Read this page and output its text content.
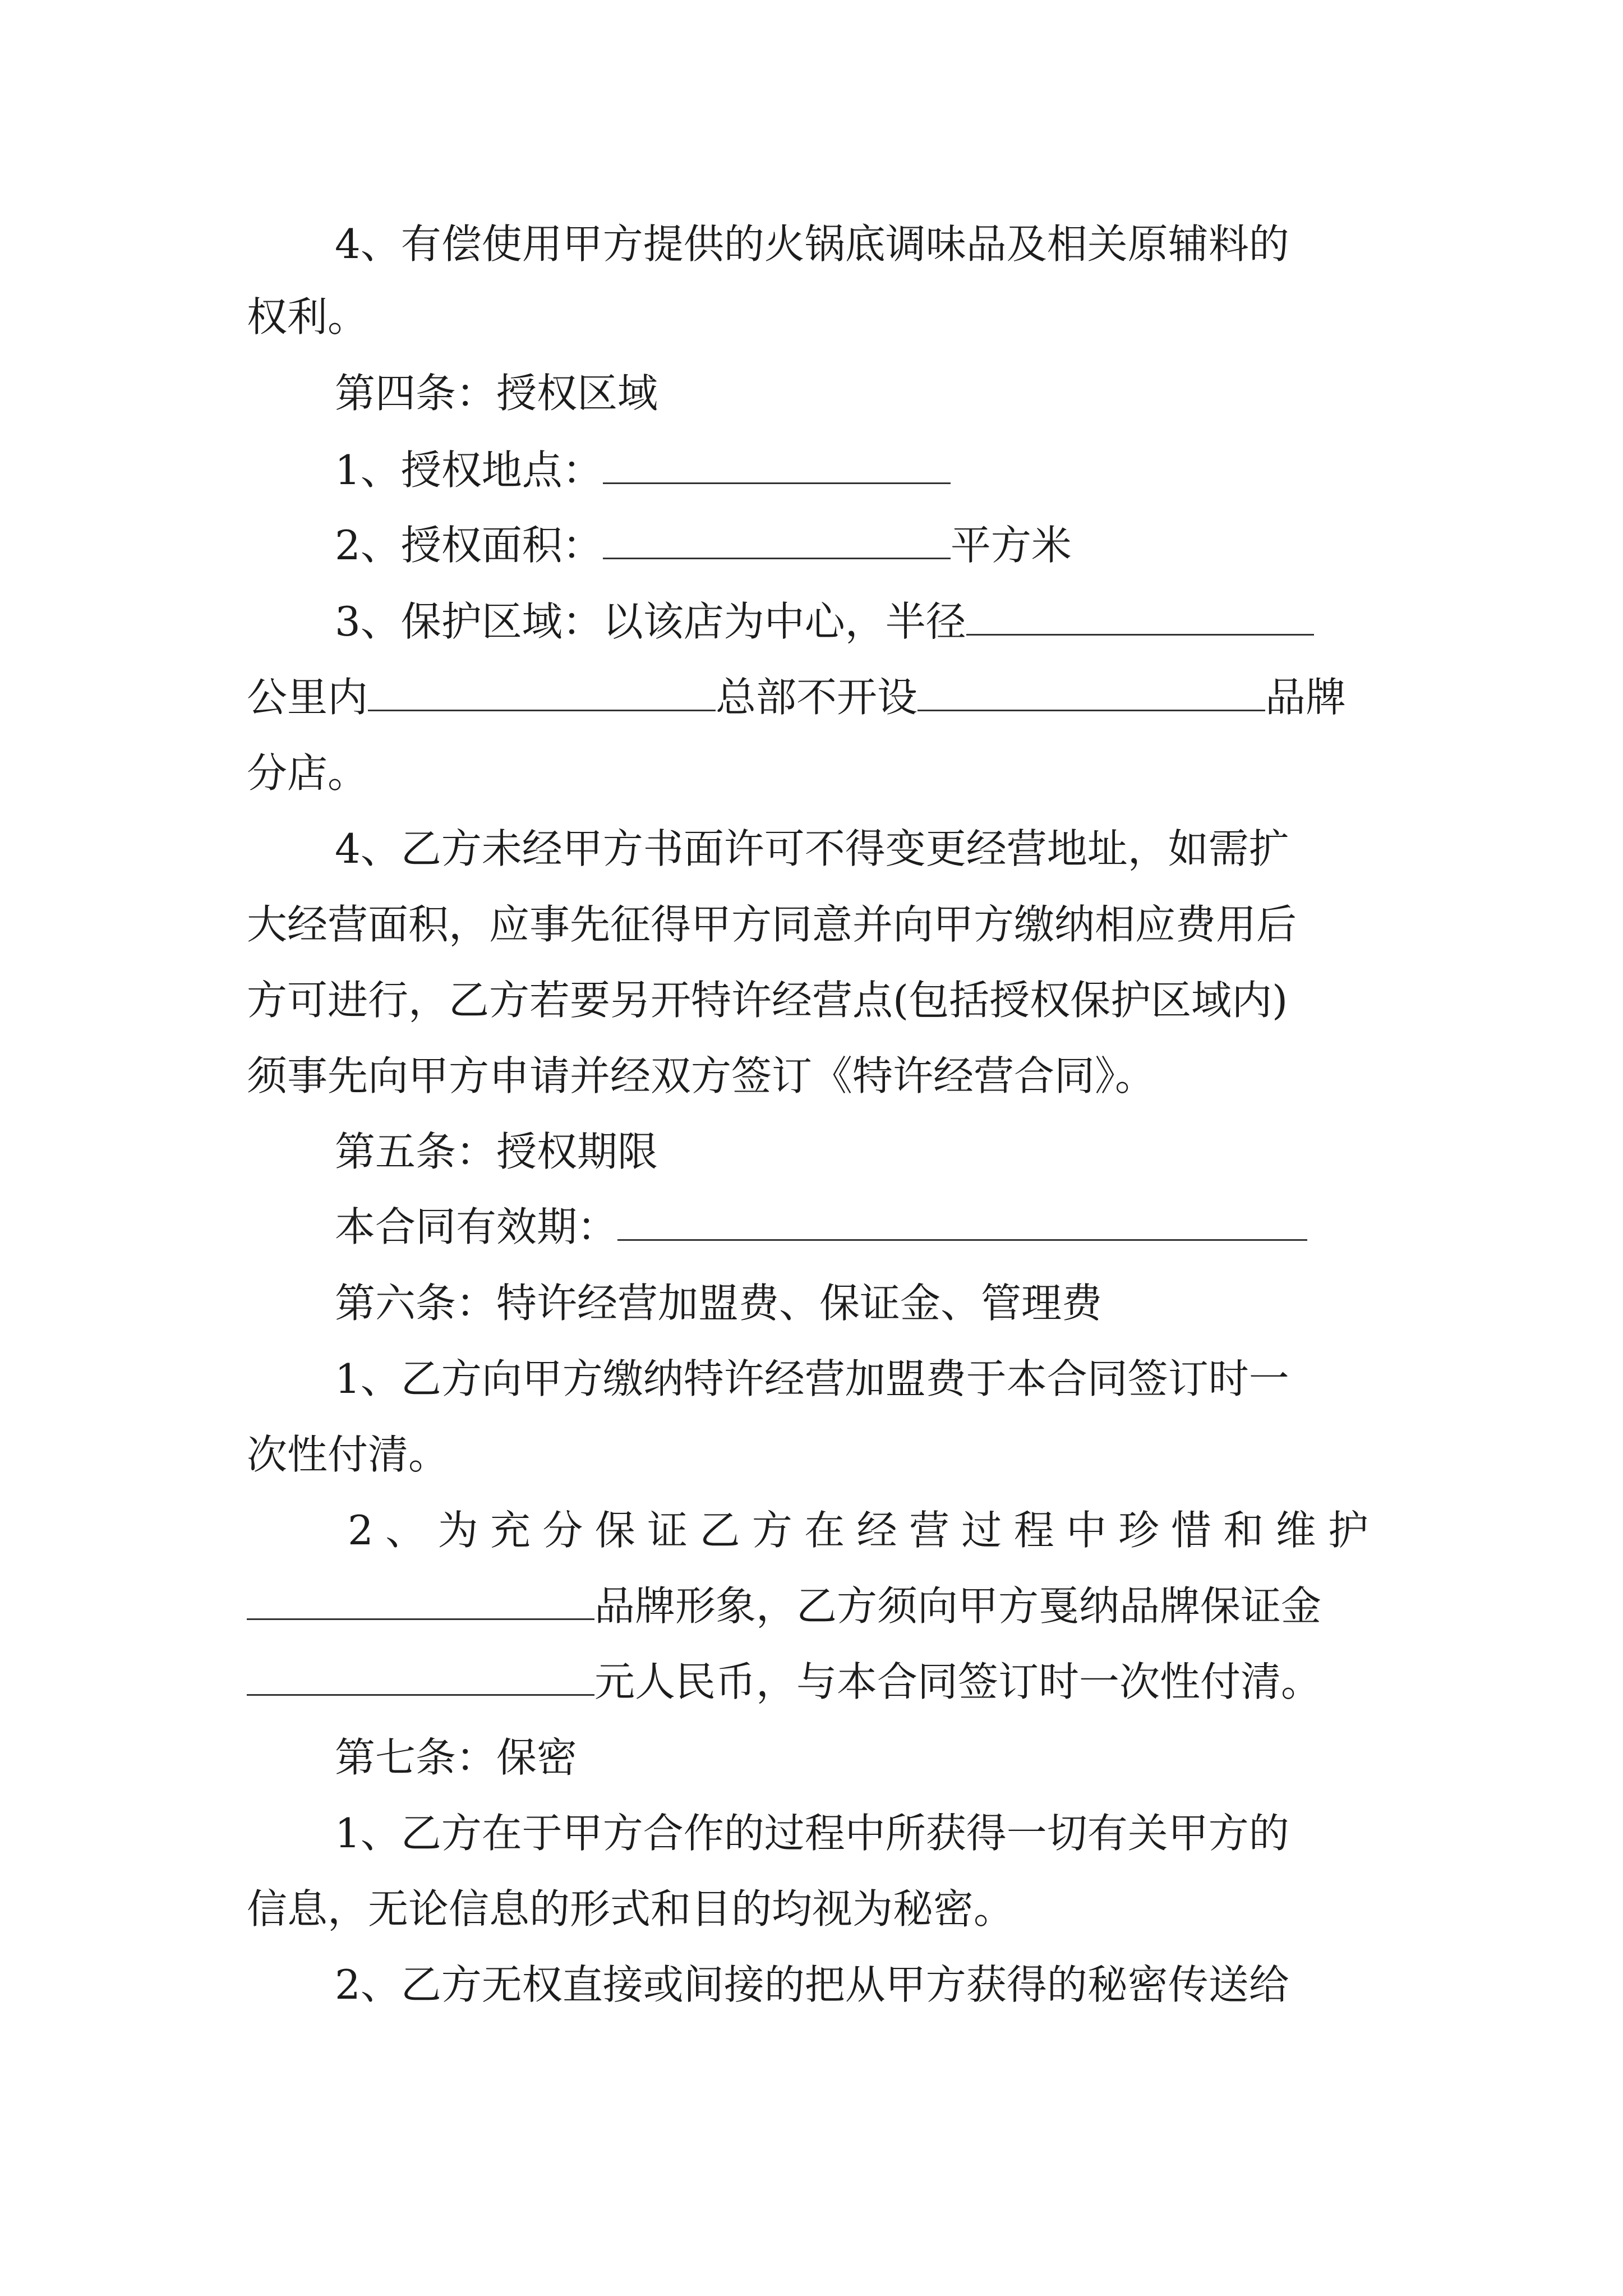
4、有偿使用甲方提供的火锅底调味品及相关原辅料的
权利。
第四条：授权区域
1、授权地点：
2、授权面积：	平方米
3、保护区域：以该店为中心，半径
公里内	总部不开设	品牌
分店。
4、乙方未经甲方书面许可不得变更经营地址，如需扩
大经营面积，应事先征得甲方同意并向甲方缴纳相应费用后
方可进行，乙方若要另开特许经营点(包括授权保护区域内)
须事先向甲方申请并经双方签订《特许经营合同》。
第五条：授权期限
本合同有效期：
第六条：特许经营加盟费、保证金、管理费
1、乙方向甲方缴纳特许经营加盟费于本合同签订时一
次性付清。
2、为充分保证乙方在经营过程中珍惜和维护
品牌形象，乙方须向甲方戛纳品牌保证金
元人民币，与本合同签订时一次性付清。
第七条：保密
1、乙方在于甲方合作的过程中所获得一切有关甲方的
信息，无论信息的形式和目的均视为秘密。
2、乙方无权直接或间接的把从甲方获得的秘密传送给
